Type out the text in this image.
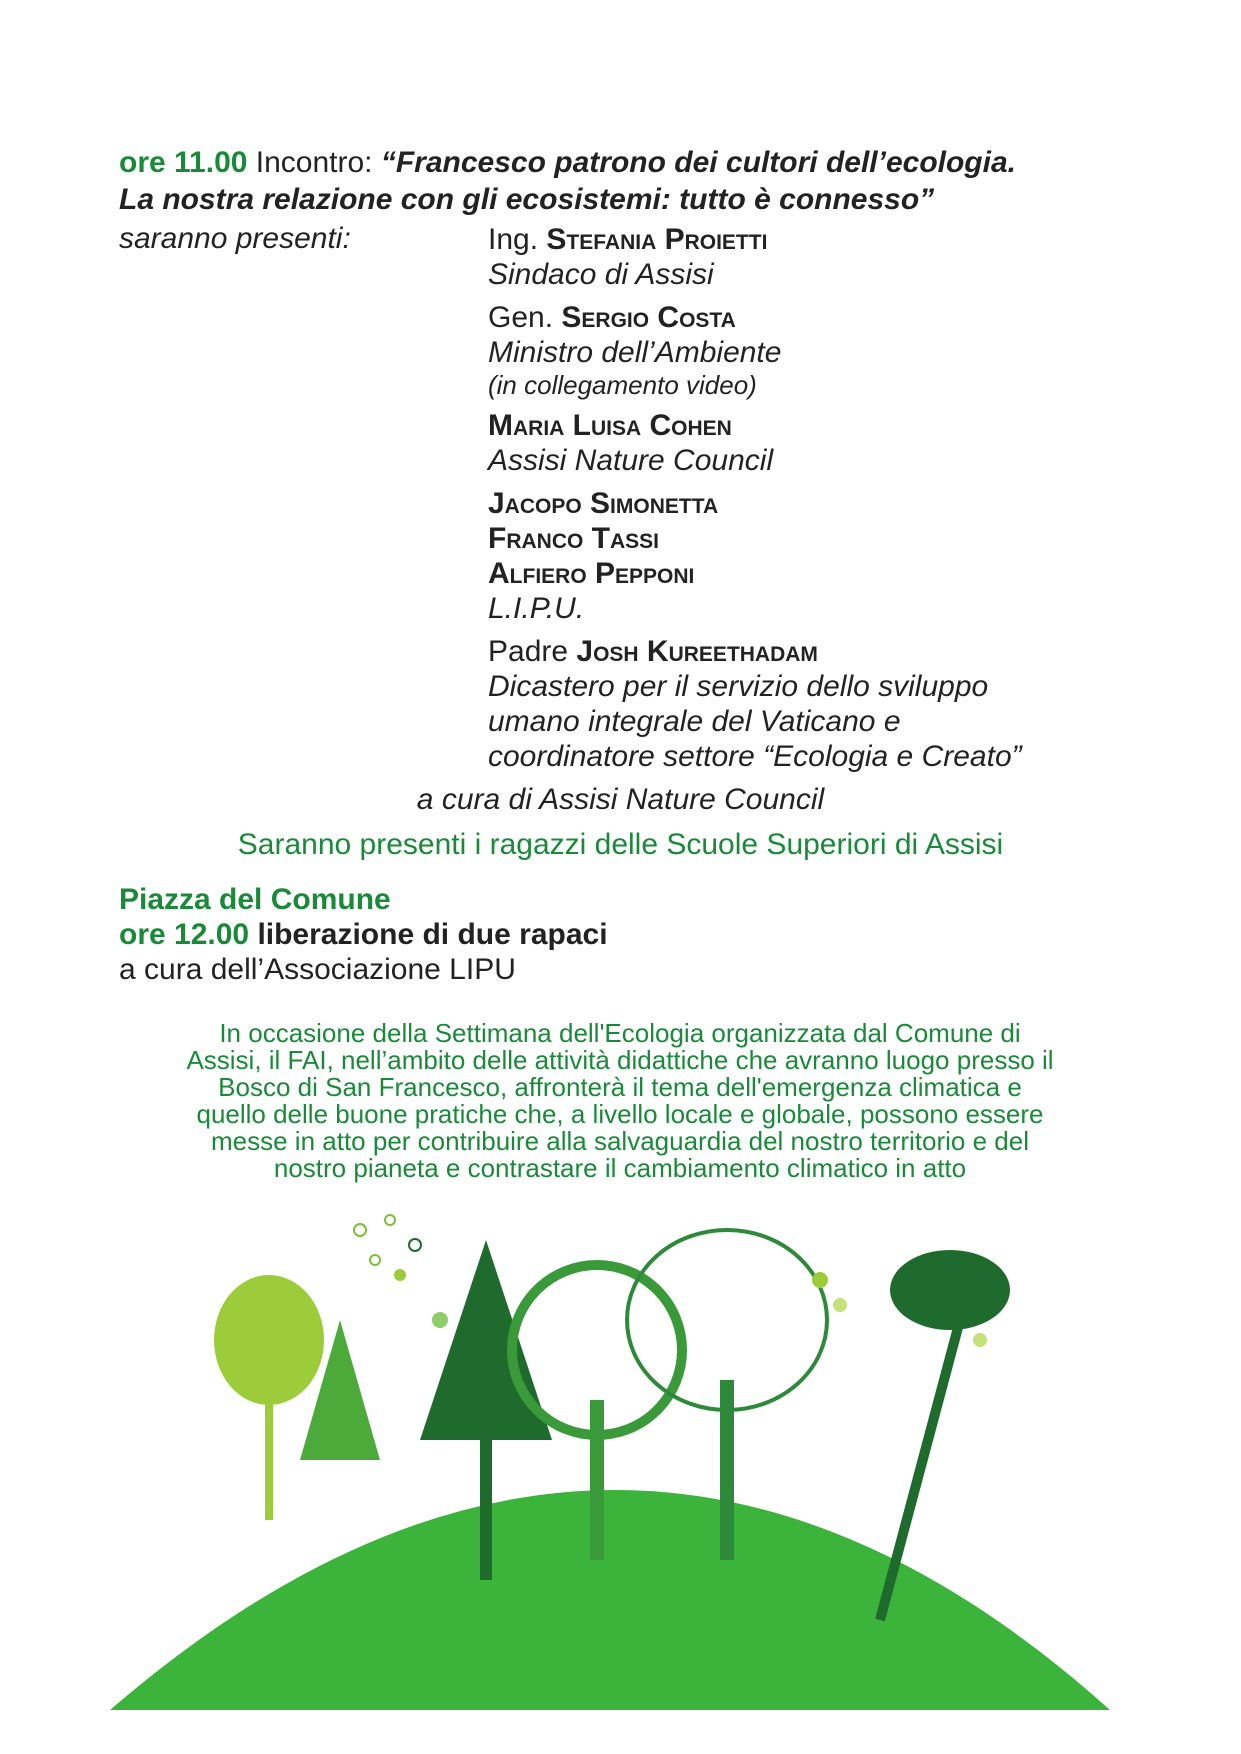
ore 11.00 Incontro: “Francesco patrono dei cultori dell’ecologia.
La nostra relazione con gli ecosistemi: tutto è connesso”
saranno presenti:	Ing. Stefania Proietti
Sindaco di Assisi
Gen. Sergio Costa
Ministro dell’Ambiente
(in collegamento video)
Maria Luisa Cohen
Assisi Nature Council
Jacopo Simonetta
Franco Tassi
Alfiero Pepponi
L.I.P.U.
Padre Josh Kureethadam
Dicastero per il servizio dello sviluppo
umano integrale del Vaticano e
coordinatore settore “Ecologia e Creato”
a cura di Assisi Nature Council
Saranno presenti i ragazzi delle Scuole Superiori di Assisi
Piazza del Comune
ore 12.00 liberazione di due rapaci
a cura dell’Associazione LIPU
In occasione della Settimana dell'Ecologia organizzata dal Comune di
Assisi, il FAI, nell’ambito delle attività didattiche che avranno luogo presso il
Bosco di San Francesco, affronterà il tema dell'emergenza climatica e
quello delle buone pratiche che, a livello locale e globale, possono essere
messe in atto per contribuire alla salvaguardia del nostro territorio e del
nostro pianeta e contrastare il cambiamento climatico in atto
